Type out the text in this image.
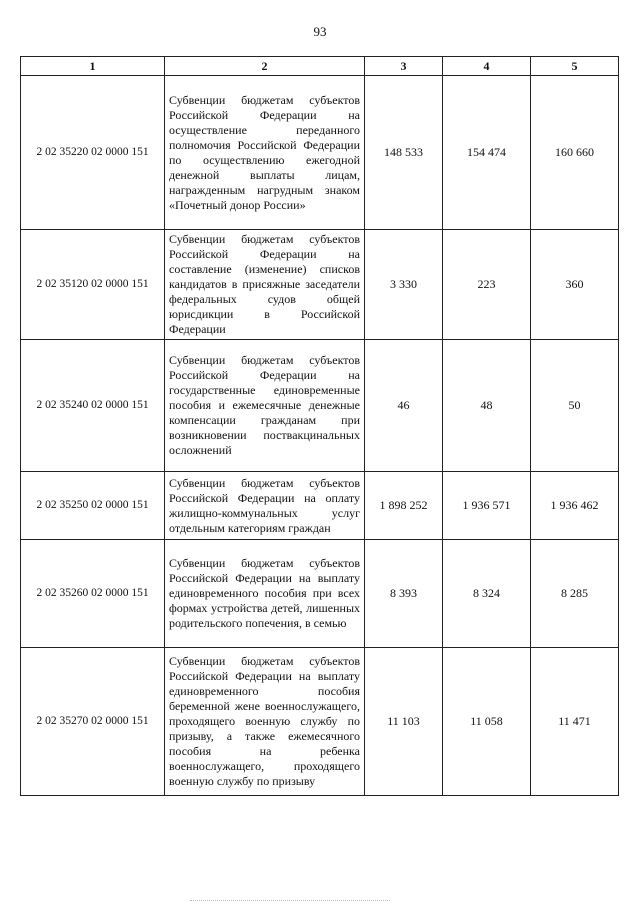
93
1	2	3	4	5
2 02 35220 02 0000 151	Субвенции бюджетам субъектов Российской Федерации на осуществление переданного полномочия Российской Федерации по осуществлению ежегодной денежной выплаты лицам, награжденным нагрудным знаком «Почетный донор России»	148 533	154 474	160 660
2 02 35120 02 0000 151	Субвенции бюджетам субъектов Российской Федерации на составление (изменение) списков кандидатов в присяжные заседатели федеральных судов общей юрисдикции в Российской Федерации	3 330	223	360
2 02 35240 02 0000 151	Субвенции бюджетам субъектов Российской Федерации на государственные единовременные пособия и ежемесячные денежные компенсации гражданам при возникновении поствакцинальных осложнений	46	48	50
2 02 35250 02 0000 151	Субвенции бюджетам субъектов Российской Федерации на оплату жилищно-коммунальных услуг отдельным категориям граждан	1 898 252	1 936 571	1 936 462
2 02 35260 02 0000 151	Субвенции бюджетам субъектов Российской Федерации на выплату единовременного пособия при всех формах устройства детей, лишенных родительского попечения, в семью	8 393	8 324	8 285
2 02 35270 02 0000 151	Субвенции бюджетам субъектов Российской Федерации на выплату единовременного пособия беременной жене военнослужащего, проходящего военную службу по призыву, а также ежемесячного пособия на ребенка военнослужащего, проходящего военную службу по призыву	11 103	11 058	11 471
